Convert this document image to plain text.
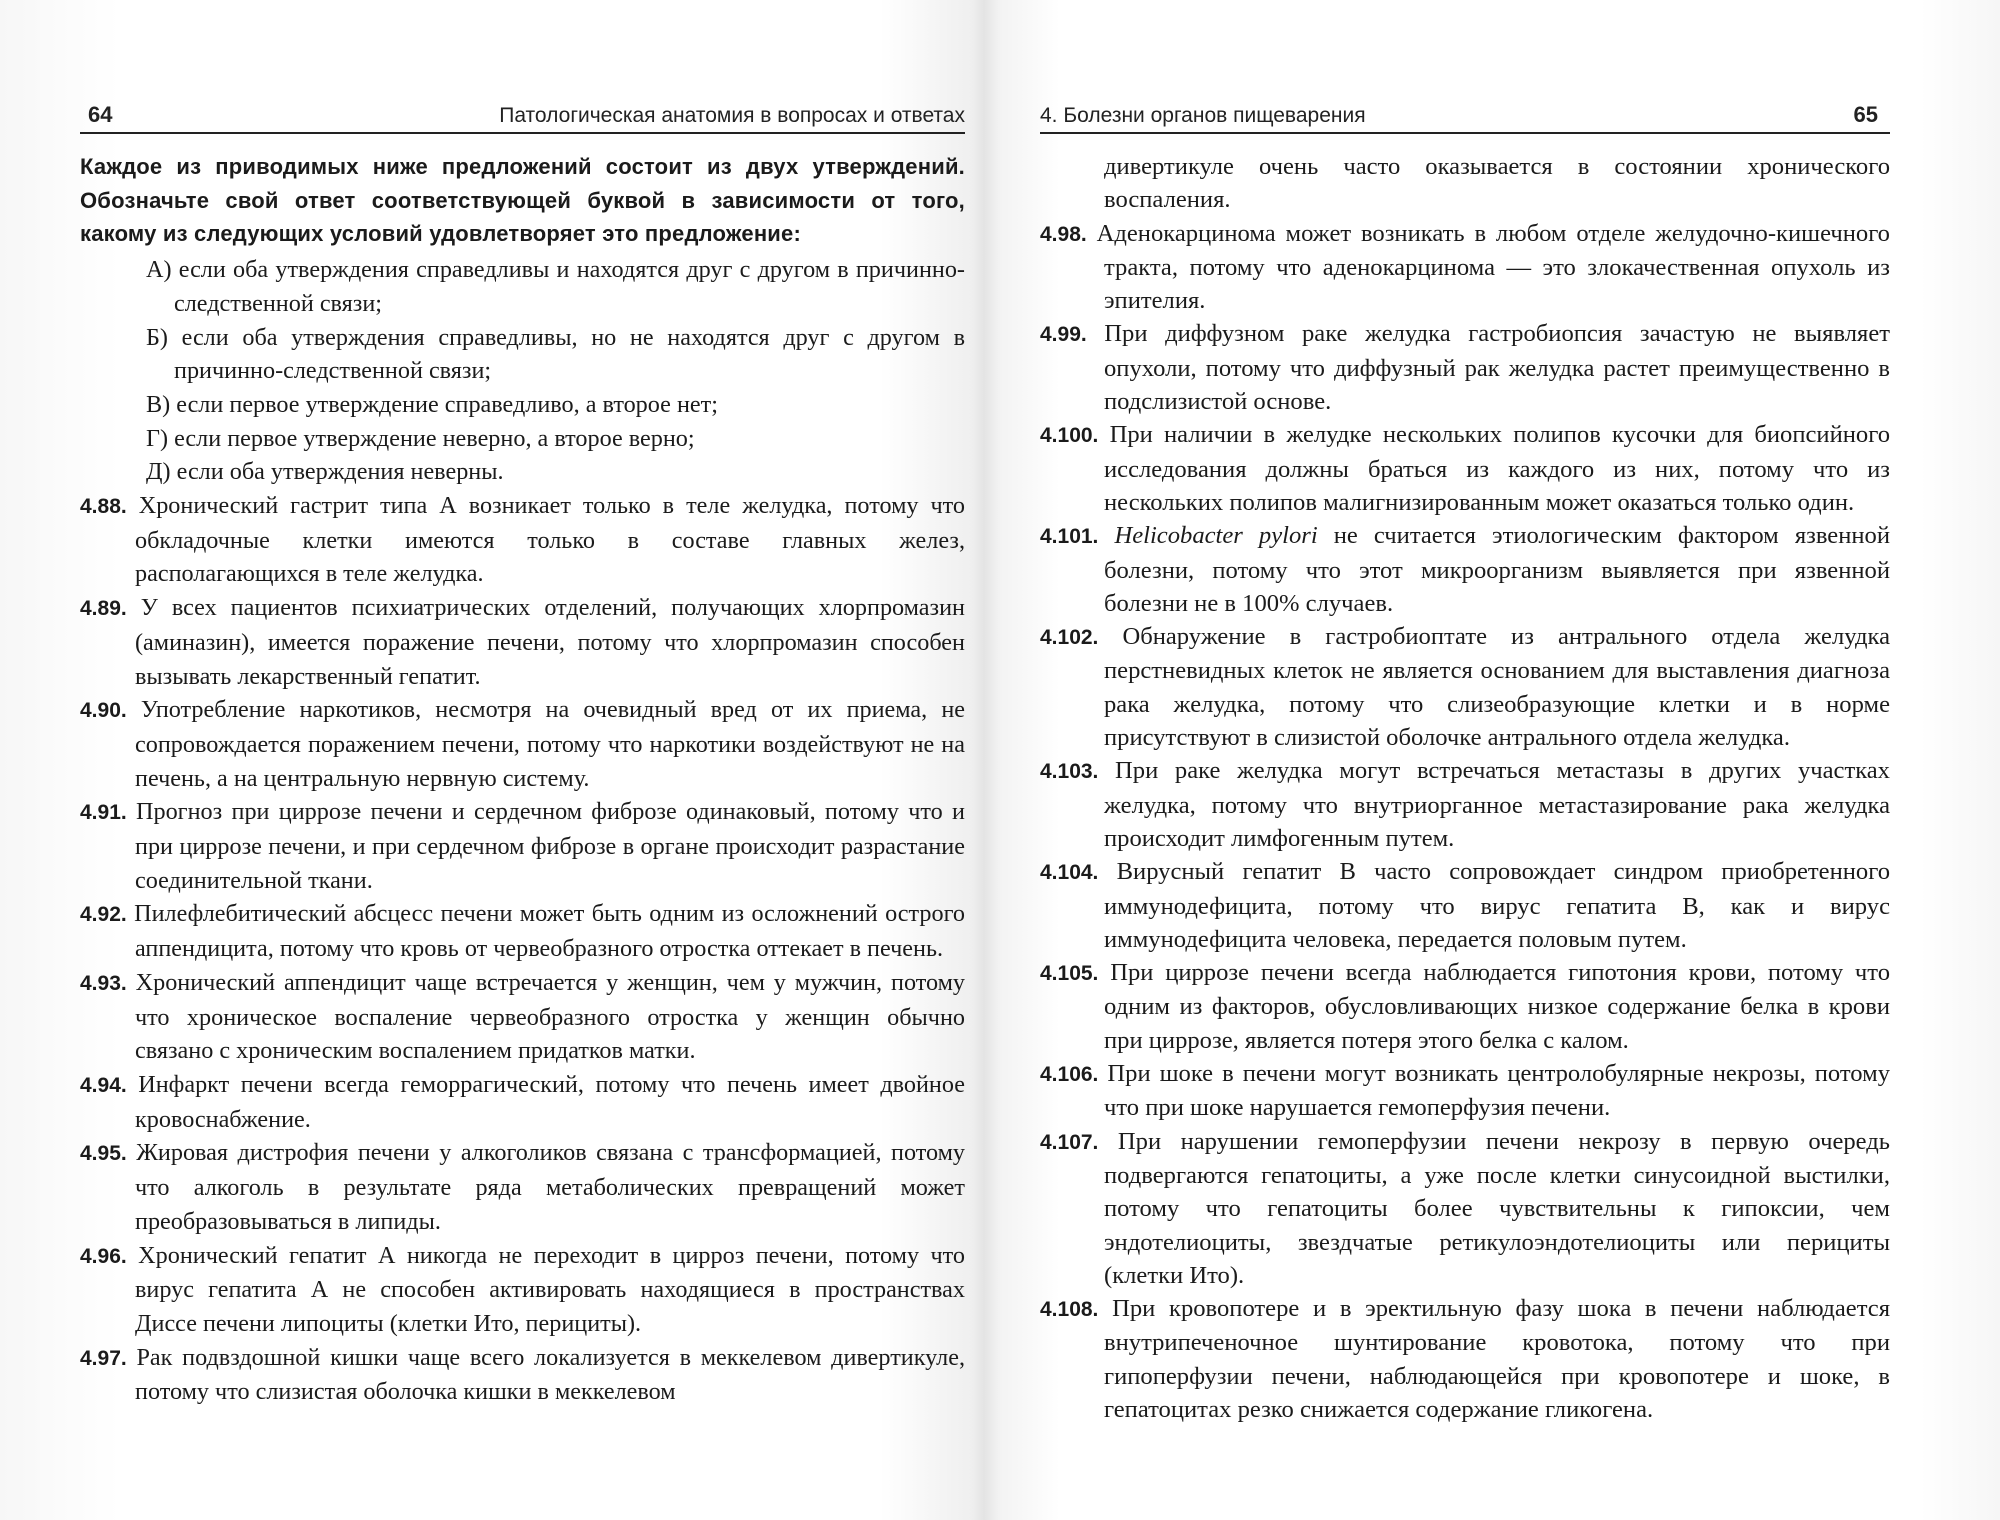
64	Патологическая анатомия в вопросах и ответах
Каждое из приводимых ниже предложений состоит из двух утверждений. Обозначьте свой ответ соответствующей буквой в зависимости от того, какому из следующих условий удовлетворяет это предложение:
А) если оба утверждения справедливы и находятся друг с другом в причинно-следственной связи;
Б) если оба утверждения справедливы, но не находятся друг с другом в причинно-следственной связи;
В) если первое утверждение справедливо, а второе нет;
Г) если первое утверждение неверно, а второе верно;
Д) если оба утверждения неверны.
4.88. Хронический гастрит типа А возникает только в теле желудка, потому что обкладочные клетки имеются только в составе главных желез, располагающихся в теле желудка.
4.89. У всех пациентов психиатрических отделений, получающих хлорпромазин (аминазин), имеется поражение печени, потому что хлорпромазин способен вызывать лекарственный гепатит.
4.90. Употребление наркотиков, несмотря на очевидный вред от их приема, не сопровождается поражением печени, потому что наркотики воздействуют не на печень, а на центральную нервную систему.
4.91. Прогноз при циррозе печени и сердечном фиброзе одинаковый, потому что и при циррозе печени, и при сердечном фиброзе в органе происходит разрастание соединительной ткани.
4.92. Пилефлебитический абсцесс печени может быть одним из осложнений острого аппендицита, потому что кровь от червеобразного отростка оттекает в печень.
4.93. Хронический аппендицит чаще встречается у женщин, чем у мужчин, потому что хроническое воспаление червеобразного отростка у женщин обычно связано с хроническим воспалением придатков матки.
4.94. Инфаркт печени всегда геморрагический, потому что печень имеет двойное кровоснабжение.
4.95. Жировая дистрофия печени у алкоголиков связана с трансформацией, потому что алкоголь в результате ряда метаболических превращений может преобразовываться в липиды.
4.96. Хронический гепатит А никогда не переходит в цирроз печени, потому что вирус гепатита А не способен активировать находящиеся в пространствах Диссе печени липоциты (клетки Ито, перициты).
4.97. Рак подвздошной кишки чаще всего локализуется в меккелевом дивертикуле, потому что слизистая оболочка кишки в меккелевом
4. Болезни органов пищеварения	65
дивертикуле очень часто оказывается в состоянии хронического воспаления.
4.98. Аденокарцинома может возникать в любом отделе желудочно-кишечного тракта, потому что аденокарцинома — это злокачественная опухоль из эпителия.
4.99. При диффузном раке желудка гастробиопсия зачастую не выявляет опухоли, потому что диффузный рак желудка растет преимущественно в подслизистой основе.
4.100. При наличии в желудке нескольких полипов кусочки для биопсийного исследования должны браться из каждого из них, потому что из нескольких полипов малигнизированным может оказаться только один.
4.101. Helicobacter pylori не считается этиологическим фактором язвенной болезни, потому что этот микроорганизм выявляется при язвенной болезни не в 100% случаев.
4.102. Обнаружение в гастробиоптате из антрального отдела желудка перстневидных клеток не является основанием для выставления диагноза рака желудка, потому что слизеобразующие клетки и в норме присутствуют в слизистой оболочке антрального отдела желудка.
4.103. При раке желудка могут встречаться метастазы в других участках желудка, потому что внутриорганное метастазирование рака желудка происходит лимфогенным путем.
4.104. Вирусный гепатит В часто сопровождает синдром приобретенного иммунодефицита, потому что вирус гепатита В, как и вирус иммунодефицита человека, передается половым путем.
4.105. При циррозе печени всегда наблюдается гипотония крови, потому что одним из факторов, обусловливающих низкое содержание белка в крови при циррозе, является потеря этого белка с калом.
4.106. При шоке в печени могут возникать центролобулярные некрозы, потому что при шоке нарушается гемоперфузия печени.
4.107. При нарушении гемоперфузии печени некрозу в первую очередь подвергаются гепатоциты, а уже после клетки синусоидной выстилки, потому что гепатоциты более чувствительны к гипоксии, чем эндотелиоциты, звездчатые ретикулоэндотелиоциты или перициты (клетки Ито).
4.108. При кровопотере и в эректильную фазу шока в печени наблюдается внутрипеченочное шунтирование кровотока, потому что при гипоперфузии печени, наблюдающейся при кровопотере и шоке, в гепатоцитах резко снижается содержание гликогена.
